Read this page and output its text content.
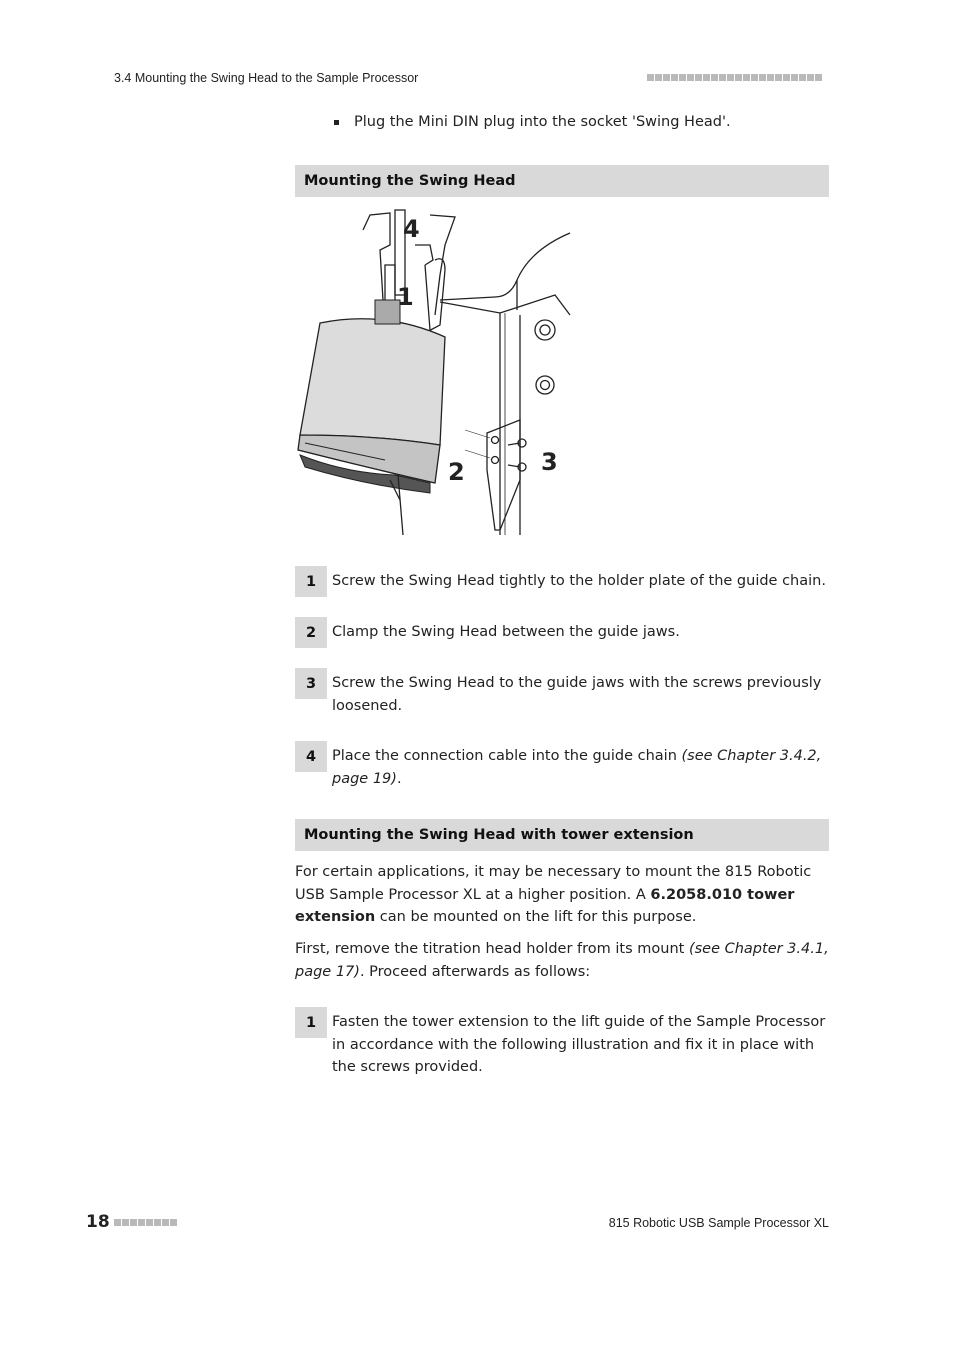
3.4 Mounting the Swing Head to the Sample Processor
Plug the Mini DIN plug into the socket 'Swing Head'.
Mounting the Swing Head
4
1
2	3
1	Screw the Swing Head tightly to the holder plate of the guide chain.
2	Clamp the Swing Head between the guide jaws.
3	Screw the Swing Head to the guide jaws with the screws previously loosened.
4	Place the connection cable into the guide chain (see Chapter 3.4.2, page 19).
Mounting the Swing Head with tower extension
For certain applications, it may be necessary to mount the 815 Robotic USB Sample Processor XL at a higher position. A 6.2058.010 tower extension can be mounted on the lift for this purpose.
First, remove the titration head holder from its mount (see Chapter 3.4.1, page 17). Proceed afterwards as follows:
1	Fasten the tower extension to the lift guide of the Sample Processor in accordance with the following illustration and fix it in place with the screws provided.
18	815 Robotic USB Sample Processor XL
